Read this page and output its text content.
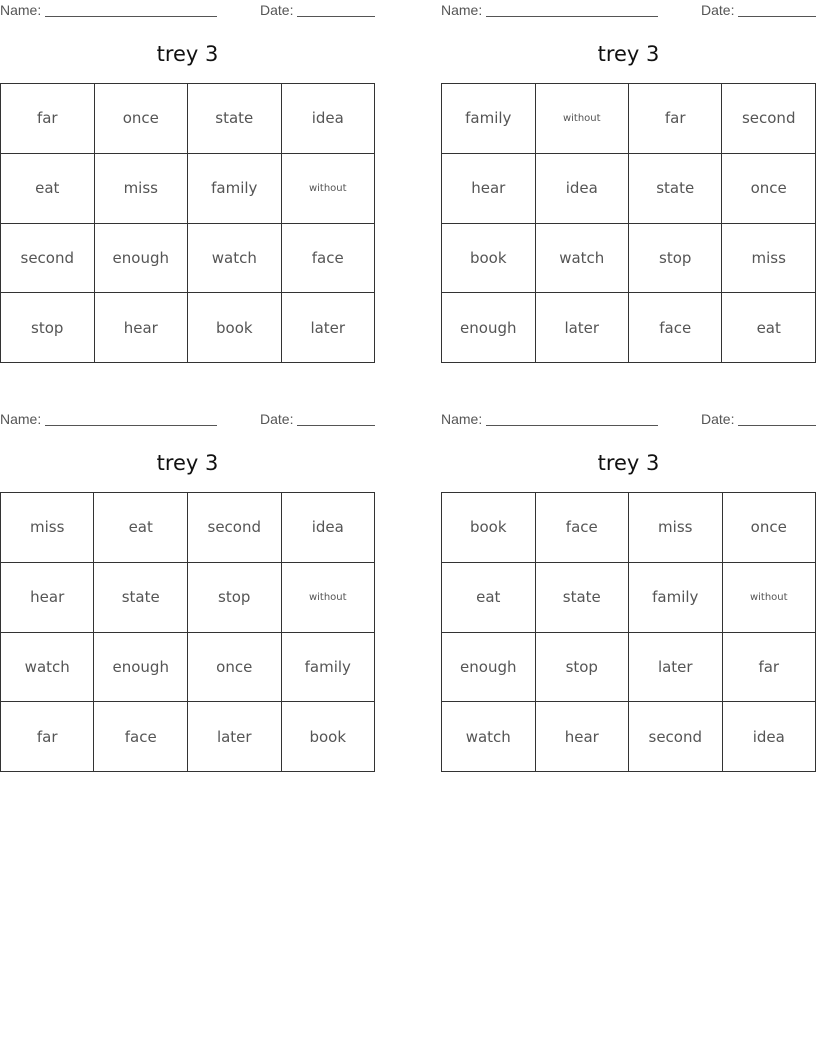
Name:	Date:
trey 3
far	once	state	idea
eat	miss	family	without
second	enough	watch	face
stop	hear	book	later
Name:	Date:
trey 3
family	without	far	second
hear	idea	state	once
book	watch	stop	miss
enough	later	face	eat
Name:	Date:
trey 3
miss	eat	second	idea
hear	state	stop	without
watch	enough	once	family
far	face	later	book
Name:	Date:
trey 3
book	face	miss	once
eat	state	family	without
enough	stop	later	far
watch	hear	second	idea
